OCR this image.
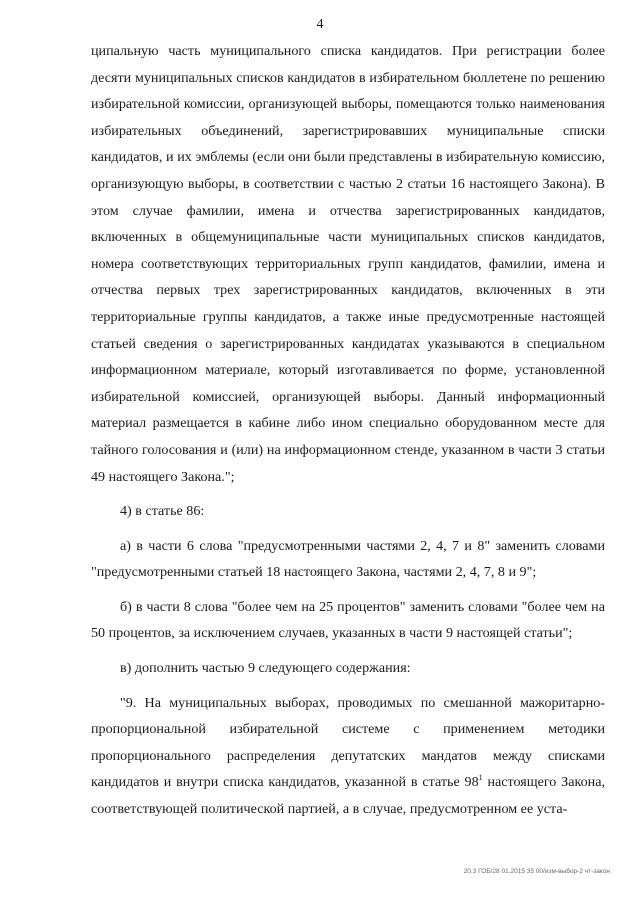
4

ципальную часть муниципального списка кандидатов. При регистрации более десяти муниципальных списков кандидатов в избирательном бюллетене по решению избирательной комиссии, организующей выборы, помещаются только наименования избирательных объединений, зарегистрировавших муниципальные списки кандидатов, и их эмблемы (если они были представлены в избирательную комиссию, организующую выборы, в соответствии с частью 2 статьи 16 настоящего Закона). В этом случае фамилии, имена и отчества зарегистрированных кандидатов, включенных в общемуниципальные части муниципальных списков кандидатов, номера соответствующих территориальных групп кандидатов, фамилии, имена и отчества первых трех зарегистрированных кандидатов, включенных в эти территориальные группы кандидатов, а также иные предусмотренные настоящей статьей сведения о зарегистрированных кандидатах указываются в специальном информационном материале, который изготавливается по форме, установленной избирательной комиссией, организующей выборы. Данный информационный материал размещается в кабине либо ином специально оборудованном месте для тайного голосования и (или) на информационном стенде, указанном в части 3 статьи 49 настоящего Закона.";

4) в статье 86:

а) в части 6 слова "предусмотренными частями 2, 4, 7 и 8" заменить словами "предусмотренными статьей 18 настоящего Закона, частями 2, 4, 7, 8 и 9";

б) в части 8 слова "более чем на 25 процентов" заменить словами "более чем на 50 процентов, за исключением случаев, указанных в части 9 настоящей статьи";

в) дополнить частью 9 следующего содержания:

"9. На муниципальных выборах, проводимых по смешанной мажоритарно-пропорциональной избирательной системе с применением методики пропорционального распределения депутатских мандатов между списками кандидатов и внутри списка кандидатов, указанной в статье $98^1$ настоящего Закона, соответствующей политической партией, а в случае, предусмотренном ее уста-

20.3 ГОБ/28 01.2015 35 00/изм-выбор-2 чт-закон
